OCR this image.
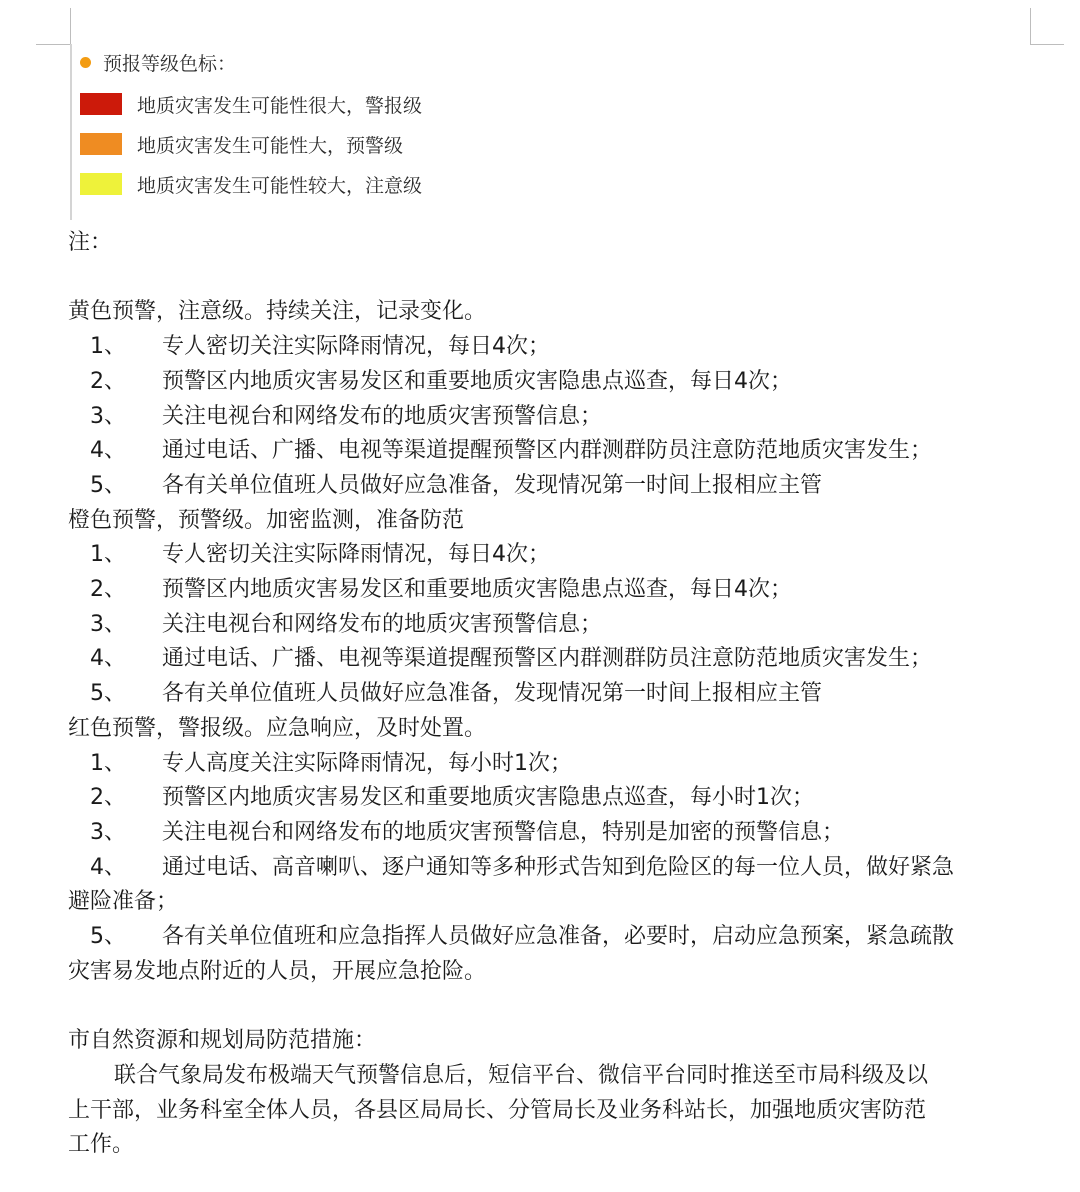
预报等级色标：
地质灾害发生可能性很大，警报级
地质灾害发生可能性大，预警级
地质灾害发生可能性较大，注意级
注：
黄色预警，注意级。持续关注，记录变化。
1、	专人密切关注实际降雨情况，每日4次；
2、	预警区内地质灾害易发区和重要地质灾害隐患点巡查，每日4次；
3、	关注电视台和网络发布的地质灾害预警信息；
4、	通过电话、广播、电视等渠道提醒预警区内群测群防员注意防范地质灾害发生；
5、	各有关单位值班人员做好应急准备，发现情况第一时间上报相应主管
橙色预警，预警级。加密监测，准备防范
1、	专人密切关注实际降雨情况，每日4次；
2、	预警区内地质灾害易发区和重要地质灾害隐患点巡查，每日4次；
3、	关注电视台和网络发布的地质灾害预警信息；
4、	通过电话、广播、电视等渠道提醒预警区内群测群防员注意防范地质灾害发生；
5、	各有关单位值班人员做好应急准备，发现情况第一时间上报相应主管
红色预警，警报级。应急响应，及时处置。
1、	专人高度关注实际降雨情况，每小时1次；
2、	预警区内地质灾害易发区和重要地质灾害隐患点巡查，每小时1次；
3、	关注电视台和网络发布的地质灾害预警信息，特别是加密的预警信息；
4、	通过电话、高音喇叭、逐户通知等多种形式告知到危险区的每一位人员，做好紧急
避险准备；
5、	各有关单位值班和应急指挥人员做好应急准备，必要时，启动应急预案，紧急疏散
灾害易发地点附近的人员，开展应急抢险。
市自然资源和规划局防范措施：
联合气象局发布极端天气预警信息后，短信平台、微信平台同时推送至市局科级及以
上干部，业务科室全体人员，各县区局局长、分管局长及业务科站长，加强地质灾害防范
工作。
